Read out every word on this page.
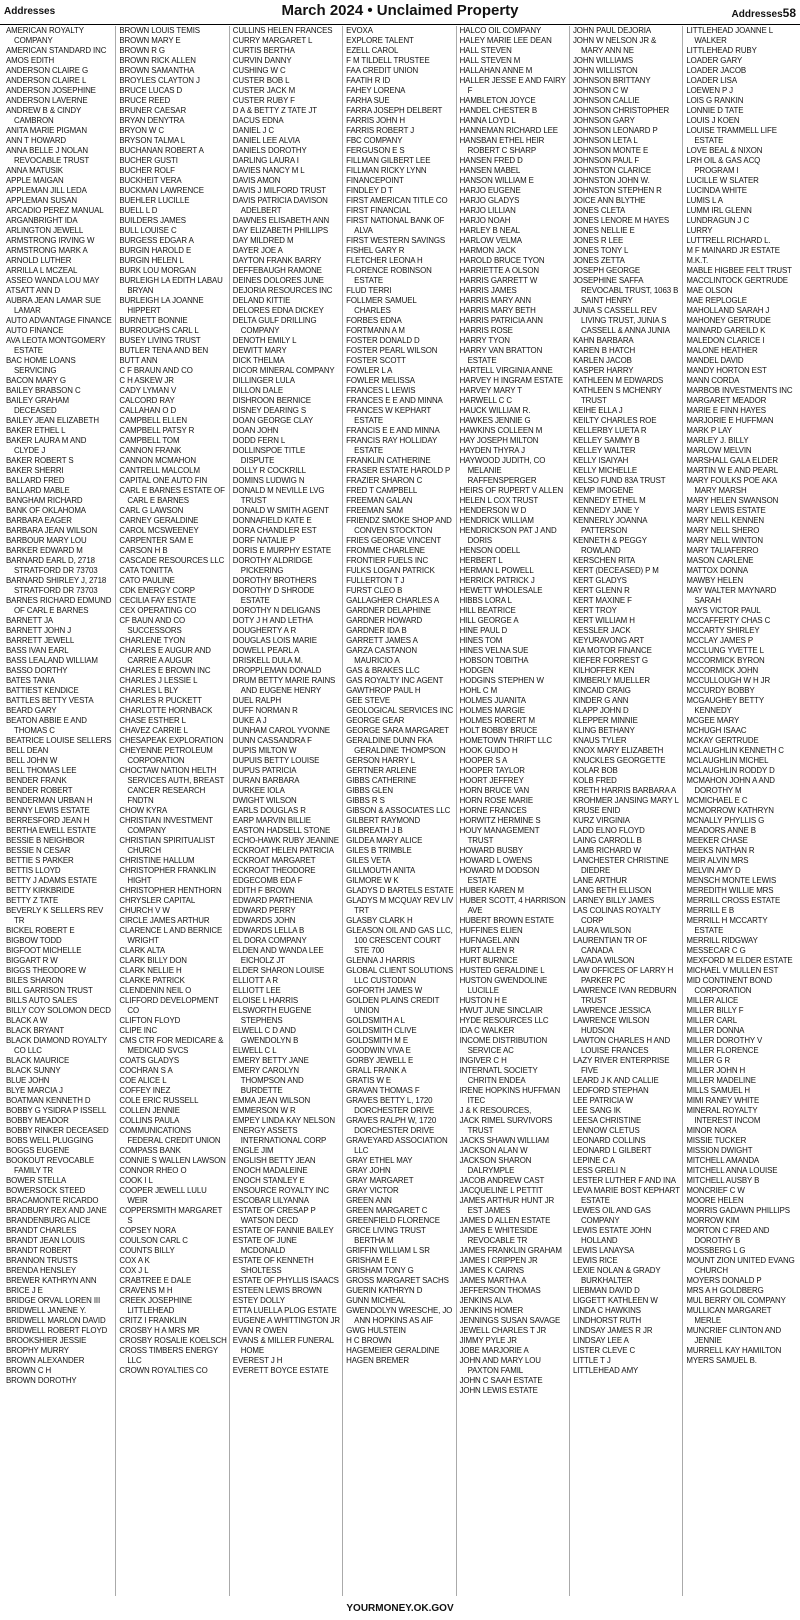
Addresses	March 2024 • Unclaimed Property	Addresses58
AMERICAN ROYALTY COMPANY
AMERICAN STANDARD INC
AMOS EDITH
ANDERSON CLAIRE G
ANDERSON CLAIRE L
ANDERSON JOSEPHINE
ANDERSON LAVERNE
ANDREW B & CINDY CAMBRON
ANITA MARIE PIGMAN
ANN T HOWARD
ANNA BELLE J NOLAN REVOCABLE TRUST
ANNA MATUSIK
APPLE MAIGAN
APPLEMAN JILL LEDA
APPLEMAN SUSAN
ARCADIO PEREZ MANUAL
ARGANBRIGHT IDA
ARLINGTON JEWELL
ARMSTRONG IRVING W
ARMSTRONG MARK A
ARNOLD LUTHER
ARRILLA L MCZEAL
ASSEO WANDA LOU MAY
ATSATT ANN D
AUBRA JEAN LAMAR SUE LAMAR
AUTO ADVANTAGE FINANCE
AUTO FINANCE
AVA LEOTA MONTGOMERY ESTATE
BAC HOME LOANS SERVICING
BACON MARY G
BAILEY BRABSON C
BAILEY GRAHAM DECEASED
BAILEY JEAN ELIZABETH
BAKER ETHEL L
BAKER LAURA M AND CLYDE J
BAKER ROBERT S
BAKER SHERRI
BALLARD FRED
BALLARD MABLE
BANGHAM RICHARD
BANK OF OKLAHOMA
BARBARA EAGER
BARBARA JEAN WILSON
BARBOUR MARY LOU
BARKER EDWARD M
BARNARD EARL D, 2718 STRATFORD DR 73703
BARNARD SHIRLEY J, 2718 STRATFORD DR 73703
BARNES RICHARD EDMUND OF CARL E BARNES
BARNETT JA
BARNETT JOHN J
BARRETT JEWELL
BASS IVAN EARL
BASS LEALAND WILLIAM
BASSO DORTHY
BATES TANIA
BATTIEST KENDICE
BATTLES BETTY VESTA
BEARD GARY
BEATON ABBIE E AND THOMAS C
BEATRICE LOUISE SELLERS
BELL DEAN
BELL JOHN W
BELL THOMAS LEE
BENDER FRANK
BENDER ROBERT
BENDERMAN URBAN H
BENNY LEWIS ESTATE
BERRESFORD JEAN H
BERTHA EWELL ESTATE
BESSIE B NEIGHBOR
BESSIE N CESAR
BETTIE S PARKER
BETTIS LLOYD
BETTY J ADAMS ESTATE
BETTY KIRKBRIDE
BETTY Z TATE
BEVERLY K SELLERS REV TR
BICKEL ROBERT E
BIGBOW TODD
BIGFOOT MICHELLE
BIGGART R W
BIGGS THEODORE W
BILES SHARON
BILL GARRISON TRUST
BILLS AUTO SALES
BILLY COY SOLOMON DECD
BLACK A W
BLACK BRYANT
BLACK DIAMOND ROYALTY CO LLC
BLACK MAURICE
BLACK SUNNY
BLUE JOHN
BLYE MARCIA J
BOATMAN KENNETH D
BOBBY G YSIDRA P ISSELL
BOBBY MEADOR
BOBBY RINKER DECEASED
BOBS WELL PLUGGING
BOGGS EUGENE
BOOKOUT REVOCABLE FAMILY TR
BOWER STELLA
BOWERSOCK STEED
BRACAMONTE RICARDO
BRADBURY REX AND JANE
BRANDENBURG ALICE
BRANDT CHARLES
BRANDT JEAN LOUIS
BRANDT ROBERT
BRANNON TRUSTS
BRENDA HENSLEY
BREWER KATHRYN ANN
BRICE J E
BRIDGE ORVAL LOREN III
BRIDWELL JANENE Y.
BRIDWELL MARLON DAVID
BRIDWELL ROBERT FLOYD
BROOKSHIER JESSIE
BROPHY MURRY
BROWN ALEXANDER
BROWN C H
BROWN DOROTHY
BROWN LOUIS TEMIS
BROWN MARY E
BROWN R G
BROWN RICK ALLEN
BROWN SAMANTHA
BROYLES CLAYTON J
BRUCE LUCAS D
BRUCE REED
BRUNER CAESAR
BRYAN DENYTRA
BRYON W C
BRYSON TALMA L
BUCHANAN ROBERT A
BUCHER GUSTI
BUCHER ROLF
BUCKHEIT VERA
BUCKMAN LAWRENCE
BUEHLER LUCILLE
BUELL L D
BUILDERS JAMES
BULL LOUISE C
BURGESS EDGAR A
BURGIN HAROLD E
BURGIN HELEN L
BURK LOU MORGAN
BURLEIGH LA EDITH LABAU BRYAN
BURLEIGH LA JOANNE HIPPERT
BURNETT BONNIE
BURROUGHS CARL L
BUSEY LIVING TRUST
BUTLER TENA AND BEN
BUTT ANN
C F BRAUN AND CO
C H ASKEW JR
CADY LYMAN V
CALCORD RAY
CALLAHAN O D
CAMPBELL ELLEN
CAMPBELL PATSY R
CAMPBELL TOM
CANNON FRANK
CANNON MCMAHON
CANTRELL MALCOLM
CAPITAL ONE AUTO FIN
CARL E BARNES ESTATE OF CARL E BARNES
CARL G LAWSON
CARNEY GERALDINE
CAROL MCSWEENEY
CARPENTER SAM E
CARSON H B
CASCADE RESOURCES LLC
CATA TONITTA
CATO PAULINE
CDK ENERGY CORP
CECILIA FAY ESTATE
CEX OPERATING CO
CF BAUN AND CO SUCCESSORS
CHARLENE TYON
CHARLES E AUGUR AND CARRIE A AUGUR
CHARLES E BROWN INC
CHARLES J LESSIE L
CHARLES L BLY
CHARLES R PUCKETT
CHARLOTTE HORNBACK
CHASE ESTHER L
CHAVEZ CARRIE L
CHESAPEAK EXPLORATION
CHEYENNE PETROLEUM CORPORATION
CHOCTAW NATION HELTH SERVICES AUTH, BREAST CANCER RESEARCH FNDTN
CHOW KYRA
CHRISTIAN INVESTMENT COMPANY
CHRISTIAN SPIRITUALIST CHURCH
CHRISTINE HALLUM
CHRISTOPHER FRANKLIN HIGHT
CHRISTOPHER HENTHORN
CHRYSLER CAPITAL
CHURCH V W
CIRCLE JAMES ARTHUR
CLARENCE L AND BERNICE WRIGHT
CLARK ALTA
CLARK BILLY DON
CLARK NELLIE H
CLARKE PATRICK
CLENDENIN NEIL O
CLIFFORD DEVELOPMENT CO
CLIFTON FLOYD
CLIPE INC
CMS CTR FOR MEDICARE & MEDICAID SVCS
COATS GLADYS
COCHRAN S A
COE ALICE L
COFFEY INEZ
COLE ERIC RUSSELL
COLLEN JENNIE
COLLINS PAULA
COMMUNICATIONS FEDERAL CREDIT UNION
COMPASS BANK
CONNIE S WALLEN LAWSON
CONNOR RHEO O
COOK I L
COOPER JEWELL LULU WEIR
COPPERSMITH MARGARET S
COPSEY NORA
COULSON CARL C
COUNTS BILLY
COX A K
COX J L
CRABTREE E DALE
CRAVENS M H
CREEK JOSEPHINE LITTLEHEAD
CRITZ I FRANKLIN
CROSBY H A MRS MR
CROSBY ROSALIE KOELSCH
CROSS TIMBERS ENERGY LLC
CROWN ROYALTIES CO
CULLINS HELEN FRANCES
CURRY MARGARET L
CURTIS BERTHA
CURVIN DANNY
CUSHING W C
CUSTER BOB L
CUSTER JACK M
CUSTER RUBY F
D A & BETTY Z TATE JT
DACUS EDNA
DANIEL J C
DANIEL LEE ALVIA
DANIELS DOROTHY
DARLING LAURA I
DAVIES NANCY M L
DAVIS AMON
DAVIS J MILFORD TRUST
DAVIS PATRICIA DAVISON ADELBERT
DAWNES ELISABETH ANN
DAY ELIZABETH PHILLIPS
DAY MILDRED M
DAYER JOE A
DAYTON FRANK BARRY
DEFFEBAUGH RAMONE
DEINES DOLORES JUNE
DEJORIA RESOURCES INC
DELAND KITTIE
DELORES EDNA DICKEY
DELTA GULF DRILLING COMPANY
DENOTH EMILY L
DEWITT MARY
DICK THELMA
DICOR MINERAL COMPANY
DILLINGER LULA
DILLON DALE
DISHROON BERNICE
DISNEY DEARING S
DOAN GEORGE CLAY
DOAN JOHN
DODD FERN L
DOLLINSPOE TITLE DISPUTE
DOLLY R COCKRILL
DOMINS LUDWIG N
DONALD M NEVILLE LVG TRUST
DONALD W SMITH AGENT
DONNAFIELD KATE E
DORA CHANDLER EST
DORF NATALIE P
DORIS E MURPHY ESTATE
DOROTHY ALDRIDGE PICKERING
DOROTHY BROTHERS
DOROTHY D SHRODE ESTATE
DOROTHY N DELIGANS
DOTY J H AND LETHA
DOUGHERTY A R
DOUGLAS LOIS MARIE
DOWELL PEARL A
DRISKELL DULA M.
DROPPLEMAN DONALD
DRUM BETTY MARIE RAINS AND EUGENE HENRY
DUEL RALPH
DUFF NORMAN R
DUKE A J
DUNHAM CAROL YVONNE
DUNN CASSANDRA F
DUPIS MILTON W
DUPUIS BETTY LOUISE
DUPUS PATRICIA
DURAN BARBARA
DURKEE IOLA
DWIGHT WILSON
EARLS DOUGLAS R
EARP MARVIN BILLIE
EASTON HADSELL STONE
ECHO-HAWK RUBY JEANINE
ECKROAT HELEN PATRICIA
ECKROAT MARGARET
ECKROAT THEODORE
EDGECOMB EDA F
EDITH F BROWN
EDWARD PARTHENIA
EDWARD PERRY
EDWARDS JOHN
EDWARDS LELLA B
EL DORA COMPANY
ELDEN AND WANDA LEE EICHOLZ JT
ELDER SHARON LOUISE
ELLIOTT A R
ELLIOTT LEE
ELOISE L HARRIS
ELSWORTH EUGENE STEPHENS
ELWELL C D AND GWENDOLYN B
ELWELL C L
EMERY BETTY JANE
EMERY CAROLYN THOMPSON AND BURDETTE
EMMA JEAN WILSON
EMMERSON W R
EMPEY LINDA KAY NELSON
ENERGY ASSETS INTERNATIONAL CORP
ENGLE JIM
ENGLISH BETTY JEAN
ENOCH MADALEINE
ENOCH STANLEY E
ENSOURCE ROYALTY INC
ESCOBAR LILYANNA
ESTATE OF CRESAP P WATSON DECD
ESTATE OF FANNIE BAILEY
ESTATE OF JUNE MCDONALD
ESTATE OF KENNETH SHOLTESS
ESTATE OF PHYLLIS ISAACS
ESTEEN LEWIS BROWN
ESTEY DOLLY
ETTA LUELLA PLOG ESTATE
EUGENE A WHITTINGTON JR
EVAN R OWEN
EVANS & MILLER FUNERAL HOME
EVEREST J H
EVERETT BOYCE ESTATE
EVOXA
EXPLORE TALENT
EZELL CAROL
F M TILDELL TRUSTEE
FAA CREDIT UNION
FAATIH R ID
FAHEY LORENA
FARHA SUE
FARRA JOSEPH DELBERT
FARRIS JOHN H
FARRIS ROBERT J
FBC COMPANY
FERGUSON E S
FILLMAN GILBERT LEE
FILLMAN RICKY LYNN
FINANCEPOINT
FINDLEY D T
FIRST AMERICAN TITLE CO
FIRST FINANCIAL
FIRST NATIONAL BANK OF ALVA
FIRST WESTERN SAVINGS
FISHEL GARY R
FLETCHER LEONA H
FLORENCE ROBINSON ESTATE
FLUD TERRI
FOLLMER SAMUEL CHARLES
FORBES EDNA
FORTMANN A M
FOSTER DONALD D
FOSTER PEARL WILSON
FOSTER SCOTT
FOWLER L A
FOWLER MELISSA
FRANCES L LEWIS
FRANCES E E AND MINNA
FRANCES W KEPHART ESTATE
FRANCIS E E AND MINNA
FRANCIS RAY HOLLIDAY ESTATE
FRANKLIN CATHERINE
FRASER ESTATE HAROLD P
FRAZIER SHARON C
FRED T CAMPBELL
FREEMAN GALAN
FREEMAN SAM
FRIENDZ SMOKE SHOP AND CONVEN STOCKTON
FRIES GEORGE VINCENT
FROMME CHARLENE
FRONTIER FUELS INC
FULKS LOGAN PATRICK
FULLERTON T J
FURST CLEO B
GALLAGHER CHARLES A
GARDNER DELAPHINE
GARDNER HOWARD
GARDNER IDA B
GARRETT JAMES A
GARZA CASTANON MAURICIO A
GAS & BRAKES LLC
GAS ROYALTY INC AGENT
GAWTHROP PAUL H
GEE STEVE
GEOLOGICAL SERVICES INC
GEORGE GEAR
GEORGE SARA MARGARET
GERALDINE DUNN FKA GERALDINE THOMPSON
GERSON HARRY L
GERTNER ARLENE
GIBBS CATHERINE
GIBBS GLEN
GIBBS R S
GIBSON & ASSOCIATES LLC
GILBERT RAYMOND
GILBREATH J B
GILDEA MARY ALICE
GILES B TRIMBLE
GILES VETA
GILLMOUTH ANITA
GILMORE W K
GLADYS D BARTELS ESTATE
GLADYS M MCQUAY REV LIV TRT
GLASBY CLARK H
GLEASON OIL AND GAS LLC, 100 CRESCENT COURT STE 700
GLENNA J HARRIS
GLOBAL CLIENT SOLUTIONS LLC CUSTODIAN
GOFORTH JAMES W
GOLDEN PLAINS CREDIT UNION
GOLDSMITH A L
GOLDSMITH CLIVE
GOLDSMITH M E
GOODWIN VIVA E
GORBY JEWELL E
GRALL FRANK A
GRATIS W E
GRAVAN THOMAS F
GRAVES BETTY L, 1720 DORCHESTER DRIVE
GRAVES RALPH W, 1720 DORCHESTER DRIVE
GRAVEYARD ASSOCIATION LLC
GRAY ETHEL MAY
GRAY JOHN
GRAY MARGARET
GRAY VICTOR
GREEN ANN
GREEN MARGARET C
GREENFIELD FLORENCE
GRICE LIVING TRUST BERTHA M
GRIFFIN WILLIAM L SR
GRISHAM E E
GRISHAM TONY G
GROSS MARGARET SACHS
GUERIN KATHRYN D
GUNN MICHEAL
GWENDOLYN WRESCHE, JO ANN HOPKINS AS AIF
GWG HULSTEIN
H C BROWN
HAGEMEIER GERALDINE
HAGEN BREMER
HALCO OIL COMPANY
HALEY MARIE LEE DEAN
HALL STEVEN
HALL STEVEN M
HALLAHAN ANNE M
HALLER JESSE E AND FAIRY F
HAMBLETON JOYCE
HANDEL CHESTER B
HANNA LOYD L
HANNEMAN RICHARD LEE
HANSBAN ETHEL HEIR ROBERT C SHARP
HANSEN FRED D
HANSEN MABEL
HANSON WILLIAM E
HARJO EUGENE
HARJO GLADYS
HARJO LILLIAN
HARJO NOAH
HARLEY B NEAL
HARLOW VELMA
HARMON JACK
HAROLD BRUCE TYON
HARRIETTE A OLSON
HARRIS GARRETT W
HARRIS JAMES
HARRIS MARY ANN
HARRIS MARY BETH
HARRIS PATRICIA ANN
HARRIS ROSE
HARRY TYON
HARRY VAN BRATTON ESTATE
HARTELL VIRGINIA ANNE
HARVEY H INGRAM ESTATE
HARVEY MARY T
HARWELL C C
HAUCK WILLIAM R.
HAWKES JENNIE G
HAWKINS COLLEEN M
HAY JOSEPH MILTON
HAYDEN THYRA J
HAYWOOD JUDITH, CO MELANIE RAFFENSPERGER
HEIRS OF RUPERT V ALLEN
HELEN L COX TRUST
HENDERSON W D
HENDRICK WILLIAM
HENDRICKSON PAT J AND DORIS
HENSON ODELL
HERBERT L
HERMAN L POWELL
HERRICK PATRICK J
HEWETT WHOLESALE
HIBBS LORA L
HILL BEATRICE
HILL GEORGE A
HINE PAUL D
HINES TOM
HINES VELNA SUE
HOBSON TOBITHA
HODGEN
HODGINS STEPHEN W
HOHL C M
HOLMES JUANITA
HOLMES MARGIE
HOLMES ROBERT M
HOLT BOBBY BRUCE
HOMETOWN THRIFT LLC
HOOK GUIDO H
HOOPER S A
HOOPER TAYLOR
HOORT JEFFREY
HORN BRUCE VAN
HORN ROSE MARIE
HORNE FRANCES
HORWITZ HERMINE S
HOUY MANAGEMENT TRUST
HOWARD BUSBY
HOWARD L OWENS
HOWARD M DODSON ESTATE
HUBER KAREN M
HUBER SCOTT, 4 HARRISON AVE
HUBERT BROWN ESTATE
HUFFINES ELIEN
HUFNAGEL ANN
HURT ALLEN R
HURT BURNICE
HUSTED GERALDINE L
HUSTON GWENDOLINE LUCILLE
HUSTON H E
HWUT JUNE SINCLAIR
HYDE RESOURCES LLC
IDA C WALKER
INCOME DISTRIBUTION SERVICE AC
INGIVER C H
INTERNATL SOCIETY CHRITN ENDEA
IRENE HOPKINS HUFFMAN ITEC
J & K RESOURCES,
JACK RIMEL SURVIVORS TRUST
JACKS SHAWN WILLIAM
JACKSON ALAN W
JACKSON SHARON DALRYMPLE
JACOB ANDREW CAST
JACQUELINE L PETTIT
JAMES ARTHUR HUNT JR EST JAMES
JAMES D ALLEN ESTATE
JAMES E WHITESIDE REVOCABLE TR
JAMES FRANKLIN GRAHAM
JAMES I CRIPPEN JR
JAMES K CAIRNS
JAMES MARTHA A
JEFFERSON THOMAS
JENKINS ALVA
JENKINS HOMER
JENNINGS SUSAN SAVAGE
JEWELL CHARLES T JR
JIMMY PYLE JR
JOBE MARJORIE A
JOHN AND MARY LOU PAXTON FAMIL
JOHN C SAAH ESTATE
JOHN LEWIS ESTATE
JOHN PAUL DEJORIA
JOHN W NELSON JR & MARY ANN NE
JOHN WILLIAMS
JOHN WILLISTON
JOHNSON BRITTANY
JOHNSON C W
JOHNSON CALLIE
JOHNSON CHRISTOPHER
JOHNSON GARY
JOHNSON LEONARD P
JOHNSON LETA L
JOHNSON MONTE E
JOHNSON PAUL F
JOHNSTON CLARICE
JOHNSTON JOHN W.
JOHNSTON STEPHEN R
JOICE ANN BLYTHE
JONES CLETA
JONES LENORE M HAYES
JONES NELLIE E
JONES R LEE
JONES TONY L
JONES ZETTA
JOSEPH GEORGE
JOSEPHINE SAFFA REVOCABL TRUST, 1063 B SAINT HENRY
JUNIA S CASSELL REV LIVING TRUST, JUNIA S CASSELL & ANNA JUNIA
KAHN BARBARA
KAREN B HATCH
KARLEN JACOB
KASPER HARRY
KATHLEEN M EDWARDS
KATHLEEN S MCHENRY TRUST
KEIHE ELLA J
KEILTY CHARLES ROE
KELLERBY LUETA R
KELLEY SAMMY B
KELLEY WALTER
KELLY ISAIYAH
KELLY MICHELLE
KELSO FUND 83A TRUST
KEMP IMOGENE
KENNEDY ETHEL M
KENNEDY JANE Y
KENNERLY JOANNA PATTERSON
KENNETH & PEGGY ROWLAND
KERSCHEN RITA
KERT (DECEASED) P M
KERT GLADYS
KERT GLENN R
KERT MAXINE F
KERT TROY
KERT WILLIAM H
KESSLER JACK
KEYURAVONG ART
KIA MOTOR FINANCE
KIEFER FORREST G
KILHOFFER KEN
KIMBERLY MUELLER
KINCAID CRAIG
KINDER G ANN
KLAPP JOHN D
KLEPPER MINNIE
KLING BETHANY
KNAUS TYLER
KNOX MARY ELIZABETH
KNUCKLES GEORGETTE
KOLAR BOB
KOLB FRED
KRETH HARRIS BARBARA A
KROHMER JANSING MARY L
KRUSE ENID
KURZ VIRGINIA
LADD ELNO FLOYD
LAING CARROLL B
LAMB RICHARD W
LANCHESTER CHRISTINE DIEDRE
LANE ARTHUR
LANG BETH ELLISON
LARNEY BILLY JAMES
LAS COLINAS ROYALTY CORP
LAURA WILSON
LAURENTIAN TR OF CANADA
LAVADA WILSON
LAW OFFICES OF LARRY H PARKER PC
LAWRENCE IVAN REDBURN TRUST
LAWRENCE JESSICA
LAWRENCE WILSON HUDSON
LAWTON CHARLES H AND LOUISE FRANCES
LAZY RIVER ENTERPRISE FIVE
LEARD J K AND CALLIE
LEDFORD STEPHAN
LEE PATRICIA W
LEE SANG IK
LEESA CHRISTINE
LENNOW CLETUS
LEONARD COLLINS
LEONARD L GILBERT
LEPINE C A
LESS GRELI N
LESTER LUTHER F AND INA
LEVA MARIE BOST KEPHART ESTATE
LEWES OIL AND GAS COMPANY
LEWIS ESTATE JOHN HOLLAND
LEWIS LANAYSA
LEWIS RICE
LEXIE NOLAN & GRADY BURKHALTER
LIEBMAN DAVID D
LIGGETT KATHLEEN W
LINDA C HAWKINS
LINDHORST RUTH
LINDSAY JAMES R JR
LINDSAY LEE A
LISTER CLEVE C
LITTLE T J
LITTLEHEAD AMY
LITTLEHEAD JOANNE L WALKER
LITTLEHEAD RUBY
LOADER GARY
LOADER JACOB
LOADER LISA
LOEWEN P J
LOIS G RANKIN
LONNIE D TATE
LOUIS J KOEN
LOUISE TRAMMELL LIFE ESTATE
LOVE BEAL & NIXON
LRH OIL & GAS ACQ PROGRAM I
LUCILLE W SLATER
LUCINDA WHITE
LUMIS L A
LUMM IRL GLENN
LUNDRAGUN J C
LURRY
LUTTRELL RICHARD L.
M F MAINARD JR ESTATE
M.K.T.
MABLE HIGBEE FELT TRUST
MACCLINTOCK GERTRUDE
MAE OLSON
MAE REPLOGLE
MAHOLLAND SARAH J
MAHONEY GERTRUDE
MAINARD GAREILD K
MALEDON CLARICE I
MALONE HEATHER
MANDEL DAVID
MANDY HORTON EST
MANN CORDA
MARBOB INVESTMENTS INC
MARGARET MEADOR
MARIE E FINN HAYES
MARJORIE E HUFFMAN
MARK P LAY
MARLEY J. BILLY
MARLOW MELVIN
MARSHALL GALA ELDER
MARTIN W E AND PEARL
MARY FOULKS POE AKA MARY MARSH
MARY HELEN SWANSON
MARY LEWIS ESTATE
MARY NELL KENNEN
MARY NELL SHERO
MARY NELL WINTON
MARY TALIAFERRO
MASON CARLENE
MATTOX DONNA
MAWBY HELEN
MAY WALTER MAYNARD SARAH
MAYS VICTOR PAUL
MCCAFFERTY CHAS C
MCCARTY SHIRLEY
MCCLAY JAMES P
MCCLUNG YVETTE L
MCCORMICK BYRON
MCCORMICK JOHN
MCCULLOUGH W H JR
MCCURDY BOBBY
MCGAUGHEY BETTY KENNEDY
MCGEE MARY
MCHUGH ISAAC
MCKAY GERTRUDE
MCLAUGHLIN KENNETH C
MCLAUGHLIN MICHEL
MCLAUGHLIN RODDY D
MCMAHON JOHN A AND DOROTHY M
MCMICHAEL E C
MCMORROW KATHRYN
MCNALLY PHYLLIS G
MEADORS ANNE B
MEEKER CHASE
MEEKS NATHAN R
MEIR ALVIN MRS
MELVIN AMY D
MENSCH MONTE LEWIS
MEREDITH WILLIE MRS
MERRILL CROSS ESTATE
MERRILL E B
MERRILL H MCCARTY ESTATE
MERRILL RIDGWAY
MESSECAR C G
MEXFORD M ELDER ESTATE
MICHAEL V MULLEN EST
MID CONTINENT BOND CORPORATION
MILLER ALICE
MILLER BILLY F
MILLER CARL
MILLER DONNA
MILLER DOROTHY V
MILLER FLORENCE
MILLER G R
MILLER JOHN H
MILLER MADELINE
MILLS SAMUEL H
MIMI RANEY WHITE
MINERAL ROYALTY INTEREST INCOM
MINOR NORA
MISSIE TUCKER
MISSION DWIGHT
MITCHELL AMANDA
MITCHELL ANNA LOUISE
MITCHELL AUSBY B
MONCRIEF C W
MOORE HELEN
MORRIS GADAWN PHILLIPS
MORROW KIM
MORTON C FRED AND DOROTHY B
MOSSBERG L G
MOUNT ZION UNITED EVANG CHURCH
MOYERS DONALD P
MRS A H GOLDBERG
MUL BERRY OIL COMPANY
MULLICAN MARGARET MERLE
MUNCRIEF CLINTON AND JENNIE
MURRELL KAY HAMILTON
MYERS SAMUEL B.
YOURMONEY.OK.GOV
